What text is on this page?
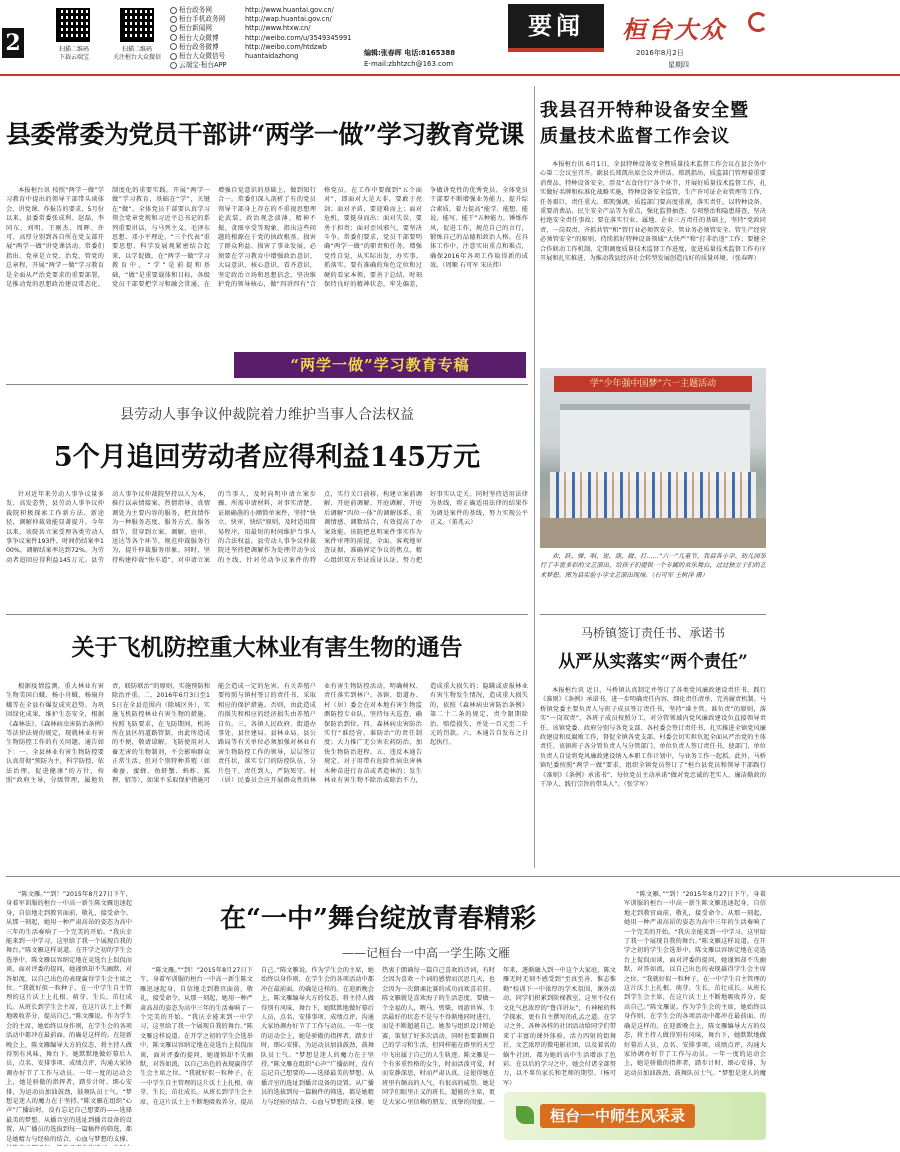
2	扫描二维码
下载云端宝
扫描二维码
关注桓台大众微信
桓台政务网	http://www.huantai.gov.cn/
桓台手机政务网	http://wap.huantai.gov.cn/
桓台新闻网	http://www.htxw.cn/
桓台大众微博	http://weibo.com/u/3549345991
桓台政务微博	http://weibo.com/htdzwb
桓台大众微信号	huantaidazhong
云端宝·桓台APP
编辑:张春晖 电话:8165388
E-mail:zbhtzch@163.com
要闻	桓台大众
2016年8月2日
星期四
县委常委为党员干部讲“两学一做”学习教育党课
本报桓台讯 按照“两学一做”学习教育中提出的领导干部带头谈体会、讲党课、作报告的要求，5月份以来，县委常委张成利、赵磊、李同东、刘明、王刚杰、周晖、许可、高厚分别到各自所在党支部开展“两学一做”讲党课活动。常委们指出，党章是立党、治党、管党的总章程，开展“两学一做”学习教育是全面从严治党要求的重要部署，是推动党的思想政治建设常态化、制度化的重要实践。开展“两学一做”学习教育，基础在“学”，关键在“做”，全体党员干部要认真学习领会党章党规和习近平总书记的系列重要讲话，与马列主义、毛泽东思想、邓小平理论、“三个代表”重要思想、科学发展观紧密结合起来，以学促做。在“两学一做”学习教育中，“学”是前提和基础，“做”是重要载体和目标，各级党员干部要把学习和融会贯通，在增强自觉意识的基础上，做到知行合一。常委们深入剖析了有的党员领导干部身上存在的不重视思想理论武装、政治观念淡薄、精神不振、贪图享受等现象，指出这些问题的根源在于党的执政根基、损害了群众利益、损害了事业发展，必须要在学习教育中增强政治意识、大局意识、核心意识、看齐意识，坚定政治立场和思想信念，坚决维护党的领导核心，做“四讲四有”合格党员。在工作中要做到“五个面对”，即面对大是大非，要敢于亮剑；面对矛盾，要迎难而上；面对危机，要挺身而出；面对失误，要勇于担责；面对歪风邪气，要坚决斗争。常委们要求，党员干部要明确“两学一做”的职责和任务，增强党性自觉，从实际出发，办实事、抓落实。要有准确的角色定位和过硬的看家本领，要善于总结，时刻保持良好的精神状态，牢先偏差，争做讲党性的优秀党员。全体党员干部要不断增强业务能力，提升综合素质，着力提高“能学、能想、能说、能写、能干”五种能力，锤炼作风，促进工作，规范自己的言行，锻炼自己的品德和政治人格。在具体工作中，注意实出重点和难点，确保2016年各项工作取得新的成效。（周顺 石可军 宋庆炜）
“两学一做”学习教育专稿
县劳动人事争议仲裁院着力维护当事人合法权益
5个月追回劳动者应得利益145万元
针对近年来劳动人事争议量多发、高发态势，县劳动人事争议仲裁院积极探索工作新方法、新途径，调解仲裁效能显著提升。今年以来，该院共立案受理各类劳动人事争议案件193件，时间仍结案率100%，调解结案率达到72%，为劳动者追回应得利益145万元。县劳动人事争议仲裁院坚持以人为本，推行以亲情接案、热情指导、真情调处为主要内容的服务，把真情作为一种服务态度、服务方式、服务细节，贯穿到立案、调解、庭审、送达等各个环节，规范仲裁服务行为，提升仲裁服务形象。同时，坚持构建仲裁“快车道”，对申请立案的当事人，及时向明申请立案步骤、所需申请材料，对事实清楚、证据确凿的小额简单案件，坚持“快立、快审、快结”原则，及时适用简易程序，用最短的时间维护当事人的合法权益。县劳动人事争议仲裁院还坚持把调解作为处理劳动争议的主线，针对劳动争议案件的特点，实行关口前移，构建立案前调解、开庭前调解、开庭调解、开庭后调解“四位一体”的调解体系，重调情感、调数结合，有效提高了办案效能。该院把息明案件事实作为案件审理的前提，全面、客观地审查证据，准确界定争议的焦点，精心组织双方举证质证认证，努力把好事实认定关。同时坚持适用法律为基线，将正确适用法律的结果作为调处案件的基线，努力实现公平正义。（董兆云）
关于飞机防控重大林业有害生物的通告
根据疫情监测，重大林业有害生物美国白蛾、杨小舟蛾、杨扇舟蛾等在全县有爆发成灾趋势。为巩固绿化成果，维护生态安全，根据《森林法》、《森林病虫害防治条例》等法律法规的规定，现就林业有害生物防控工作的有关问题，通告如下：一、全县林业有害生物防控要认真贯彻“预防为主，科学防控，依法治理，促进健康”的方针，按照“政府主导，分级管理，属地负责，联防联治”的原则，实施预防和除治并重。二、2016年6月3日至15日在全县范围内（除城区外），实施飞机防控林业有害生物的措施。按照飞防要求，在飞防期间，机场所在县区的道路管制，由此所造成的不便，敬请谅解。飞防使用对人畜无害的生物制剂，不会影响群众正常生活，但对个别特种养殖（如桑蚕、蜜蜂、鱼虾蟹、蚂蚱、狐狸、貂等），如果不采取保护措施可能会造成一定的危害。有关养殖户要按照与镇村签订的责任书，采取相应的保护措施。否则，由此造成的损失和相应的经济损失由养殖户自负。三、各镇人民政府、街道办事处、县住建局、县林业局、县公路局等有关单位必须加强对林业有害生物防控工作的领导，层层签订责任状，落实专门的防控队伍，分片包干、责任到人，严防死守。村（居）民委员会应开展群众性的林业有害生物防控活动，明确树权、责任落实到林户。各镇、街道办、村（居）委会在对本地有害生物监测防控专业队，坚持每天巡查，确保防治到位。四、森林病虫害防治实行“谁经营、谁防治”的责任制度；大力推广无公害农药防治，加快生物防治进程。五、违反本通告规定，对于用带有危险性病虫害林木种苗进行育苗或者造林的；发生林业有害生物不除治或除治不力，造成重大损失的；隐瞒或虚报林业有害生物发生情况，造成重大损失的，依照《森林病虫害防治条例》第二十二条的规定，责令限期除治、赔偿损失，并处一百元至二千元的罚款。六、本通告自发布之日起执行。
我县召开特种设备安全暨质量技术监督工作会议
本报桓台讯 6月1日，全县特种设备安全暨质量技术监督工作会议在县会务中心第二会议室召开。副县长郑凯出席会议并讲话。郑凯指出，质监部门管理着重要消费品、特种设备安全，涉及“衣食住行”各个环节，开展好质量技术监督工作，扎实做好名牌和标准化战略实施，特种设备安全监管，生产许可证企业管理等工作，任务艰巨，责任重大。郑凯强调，质监部门要高度重视，落实责任，以特种设备、重要消费品、民生安全产品等为重点，强化监督抽查、专项整治和隐患排查，坚决杜绝安全责任事故；要在落实行业、属地、企业三方责任的基础上，坚持“党政同责、一岗双责、齐抓共管”和“管行业必须管安全、管业务必须管安全、管生产经营必须管安全”的原则，持续抓好特种设备领域“大快严”和“打非治违”工作；要健全合作联动工作机制，定期调度质量技术监督工作进度，促进质量技术监督工作有序开展和扎实推进，为推动我县经济社会转型发展创造良好的质量环境。（张春晖）
学“少年强中国梦”六一主题活动
欢、跃、弹、唱、说、演、做、打……“六一”儿童节，我县各小学、幼儿园举行了丰富多彩的文艺演出，给孩子们提供一个专属的欢乐舞台，过过独立于们的艺术梦想。图为县实验小学文艺演出现场。（石可军 王树洋 摄）
马桥镇签订责任书、承诺书
从严从实落实“两个责任”
本报桓台讯 近日，马桥镇认真制定并签订了各类党风廉政建设责任书、践行《准则》《条例》承诺书，进一步明确责任内容，细化责任清单，完善履责机制。马桥镇党委主要负责人与班子成员签订责任书，坚持“谁主管、谁负责”的原则，落实“一岗双责”，各班子成员按照分工，对分管领域内党风廉政建设负直接领导责任。该镇党委、政府分别与各党支部、各村委会签订责任书，扎实推进全镇党风廉政建设和反腐败工作，督促全镇各党支部、村委会切实担负起全面从严治党的主体责任。该镇班子各分管负责人与分管部门、单位负责人签订责任书，使部门、单位负责人自觉将党风廉政建设纳入本职工作计划中，与业务工作一起抓。此外，马桥镇纪委按照“两学一做”要求，组织全镇党员签订了“桓台县党员和领导干部践行《准则》《条例》承诺书”，每位党员主动承诺“做对党忠诚的老实人、廉洁勤政的干净人、践行宗旨的带头人”。（张学军）
在“一中”舞台绽放青春精彩
——记桓台一中高一学生陈文雁
“陈文雁。”“到！”2015年8月27日下午，身着军训服的桓台一中高一新生陈文雁迅速起身，自信地走到教官面前，敬礼，接受命令。从那一刻起，她用一种严肃高昂的姿态为高中三年的生活奏响了一个完美的开始。“我庆幸能来到一中学习，这里给了我一个展现自我的舞台。”陈文雁这样说道。在开学之初的学生会选举中，陈文雁以容纳定地在竞选台上侃侃而谈，面对评委的提问，她谨慎却不失幽默，对答如流，以自己出色的表现赢得学生会主席之位。“我就好似一粒种子，在一中学生自主管理的这片沃土上扎根、萌芽、生长，茁壮成长。从班长到学生会主席，在这片沃土上不断地吸收养分，提高自己。”陈文雁说。作为学生会的主席，她始终以身作则，在学生会的各项活动中都冲在最前面。的确是这样的。在迎新晚会上，陈文雁编导大方的仪态，将主持人做得别有风味，舞台下，她默默地做好幕后人员，点名、安排事项、成绩点评，沟通大家协调办好节了工作与动员。一年一度的运动会上，她是骄傲的指挥者，踏步计时、细心安排，为运动员加油鼓劲，鼓舞队员士气。“梦想是迷人的魔力在于坚持。”陈文雁在组织“心声”广播站时，没有忘记自己想要的——选择最美的梦想。从播音室的选址到播音设备的设置，从广播员的选拔到每一篇稿件的筛选，都是她精力与经验的结合，心血与梦想的支撑。
“陈文雁。”“到！”2015年8月27日下午，身着军训服的桓台一中高一新生陈文雁迅速起身，自信地走到教官面前，敬礼，接受命令。从那一刻起，她用一种严肃高昂的姿态为高中三年的生活奏响了一个完美的开始。“我庆幸能来到一中学习，这里给了我一个展现自我的舞台。”陈文雁这样说道。在开学之初的学生会选举中，陈文雁以容纳定地在竞选台上侃侃而谈，面对评委的提问，她谨慎却不失幽默，对答如流，以自己出色的表现赢得学生会主席之位。“我就好似一粒种子，在一中学生自主管理的这片沃土上扎根、萌芽、生长，茁壮成长。从班长到学生会主席，在这片沃土上不断地吸收养分，提高自己。”陈文雁说。作为学生会的主席，她始终以身作则，在学生会的各项活动中都冲在最前面。的确是这样的。在迎新晚会上，陈文雁编导大方的仪态，将主持人做得别有风味，舞台下，她默默地做好幕后人员，点名、安排事项、成绩点评，沟通大家协调办好节了工作与动员。一年一度的运动会上，她是骄傲的指挥者，踏步计时、细心安排，为运动员加油鼓劲，鼓舞队员士气。“梦想是迷人的魔力在于坚持。”陈文雁在组织“心声”广播站时，没有忘记自己想要的——选择最美的梦想。从播音室的选址到播音设备的设置，从广播员的选拔到每一篇稿件的筛选，都是她精力与经验的结合，心血与梦想的支撑。她热衷于朗诵每一篇自己喜欢的诗词，有时会因为喜欢一个词的感情而沉思几天，也会因为一次朗诵比赛的成功而欢喜若狂。陈文雁就是喜欢海子的生活态度，要做一个幸福的人，喂马，劈柴，周游世界。生活最好的状态不是与不得渐地同时进行，而是不断超越自己。她参与组织设计辩论赛，策划了好多次活动，同时也要兼顾自己的学习和生活，但同样能在群里的天空中飞出属于自己的人生轨迹。陈文雁是一个有多重性格的女生，时而活泼可爱，时而安静深思，时而严肃认真。这使得她在班里有颇高的人气，有很高的威望。她是同学们眼里正义的班长，超能的主席，更是大家心里信赖的朋友、真挚的闺蜜。一年来，逐渐融入到一中这个大家庭，陈文雁无时无刻不感受到“至真至善、惟志惟勤”校训下一中浓厚的学术氛围，课外活动，同学们积累到阶梯教室，这里不仅有文化气息浓厚的“鲁洋讲坛”，有神秘的科学探索，更有自主撰写的孔孟之道。在学习之外，各种各样的社团活动给同学们带来了丰富的课外体验，活力四射的街舞社、文艺浓厚的微电影社团，以及着名的蜗牛社团，都为她的高中生活增添了色彩。在以后的学习之中，她会付诸全部努力，以不辜负家长和老师的期望。（杨可军）
“陈文雁。”“到！”2015年8月27日下午，身着军训服的桓台一中高一新生陈文雁迅速起身，自信地走到教官面前，敬礼，接受命令。从那一刻起，她用一种严肃高昂的姿态为高中三年的生活奏响了一个完美的开始。“我庆幸能来到一中学习，这里给了我一个展现自我的舞台。”陈文雁这样说道。在开学之初的学生会选举中，陈文雁以容纳定地在竞选台上侃侃而谈，面对评委的提问，她谨慎却不失幽默，对答如流，以自己出色的表现赢得学生会主席之位。“我就好似一粒种子，在一中学生自主管理的这片沃土上扎根、萌芽、生长，茁壮成长。从班长到学生会主席，在这片沃土上不断地吸收养分，提高自己。”陈文雁说。作为学生会的主席，她始终以身作则，在学生会的各项活动中都冲在最前面。的确是这样的。在迎新晚会上，陈文雁编导大方的仪态，将主持人做得别有风味，舞台下，她默默地做好幕后人员，点名、安排事项、成绩点评，沟通大家协调办好节了工作与动员。一年一度的运动会上，她是骄傲的指挥者，踏步计时、细心安排，为运动员加油鼓劲，鼓舞队员士气。“梦想是迷人的魔
桓台一中师生风采录
